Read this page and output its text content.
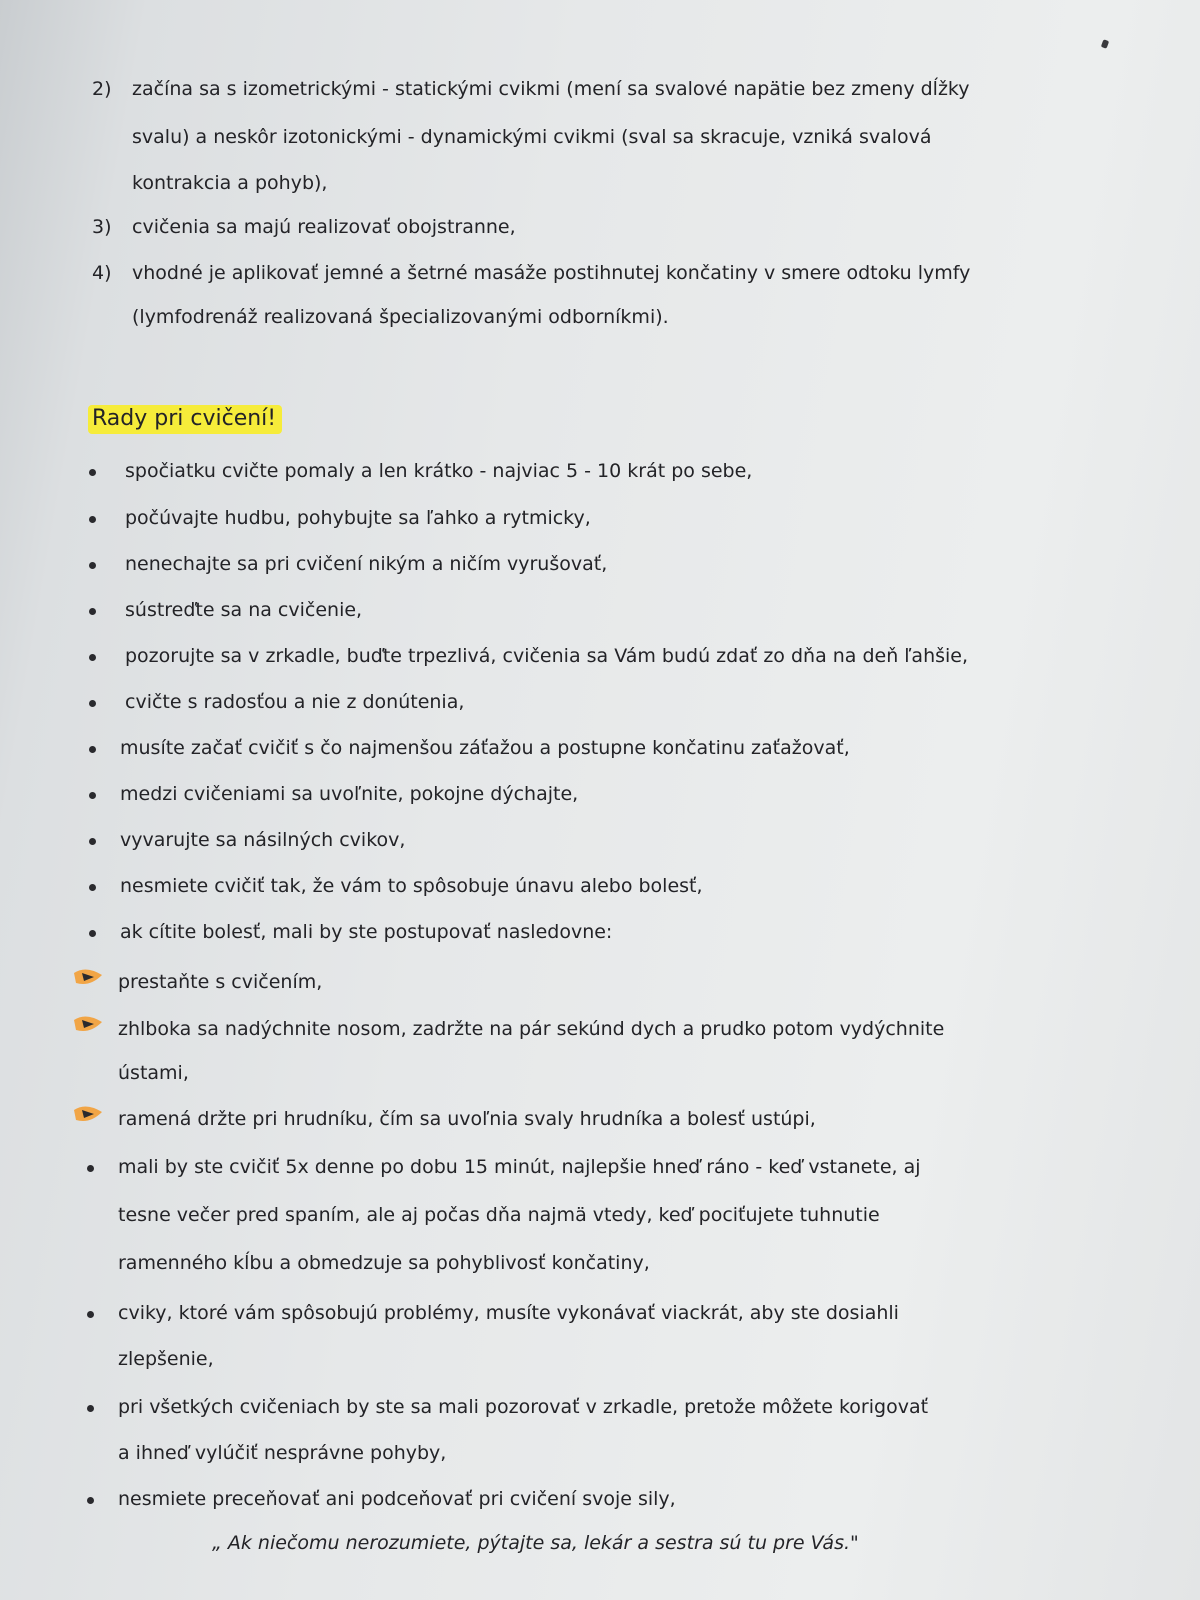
2) začína sa s izometrickými - statickými cvikmi (mení sa svalové napätie bez zmeny dĺžky
svalu) a neskôr izotonickými - dynamickými cvikmi (sval sa skracuje, vzniká svalová
kontrakcia a pohyb),
3) cvičenia sa majú realizovať obojstranne,
4) vhodné je aplikovať jemné a šetrné masáže postihnutej končatiny v smere odtoku lymfy
(lymfodrenáž realizovaná špecializovanými odborníkmi).
Rady pri cvičení!
spočiatku cvičte pomaly a len krátko - najviac 5 - 10 krát po sebe,
počúvajte hudbu, pohybujte sa ľahko a rytmicky,
nenechajte sa pri cvičení nikým a ničím vyrušovať,
sústreďte sa na cvičenie,
pozorujte sa v zrkadle, buďte trpezlivá, cvičenia sa Vám budú zdať zo dňa na deň ľahšie,
cvičte s radosťou a nie z donútenia,
musíte začať cvičiť s čo najmenšou záťažou a postupne končatinu zaťažovať,
medzi cvičeniami sa uvoľnite, pokojne dýchajte,
vyvarujte sa násilných cvikov,
nesmiete cvičiť tak, že vám to spôsobuje únavu alebo bolesť,
ak cítite bolesť, mali by ste postupovať nasledovne:
prestaňte s cvičením,
zhlboka sa nadýchnite nosom, zadržte na pár sekúnd dych a prudko potom vydýchnite
ústami,
ramená držte pri hrudníku, čím sa uvoľnia svaly hrudníka a bolesť ustúpi,
mali by ste cvičiť 5x denne po dobu 15 minút, najlepšie hneď ráno - keď vstanete, aj
tesne večer pred spaním, ale aj počas dňa najmä vtedy, keď pociťujete tuhnutie
ramenného kĺbu a obmedzuje sa pohyblivosť končatiny,
cviky, ktoré vám spôsobujú problémy, musíte vykonávať viackrát, aby ste dosiahli
zlepšenie,
pri všetkých cvičeniach by ste sa mali pozorovať v zrkadle, pretože môžete korigovať
a ihneď vylúčiť nesprávne pohyby,
nesmiete preceňovať ani podceňovať pri cvičení svoje sily,
„ Ak niečomu nerozumiete, pýtajte sa, lekár a sestra sú tu pre Vás."
